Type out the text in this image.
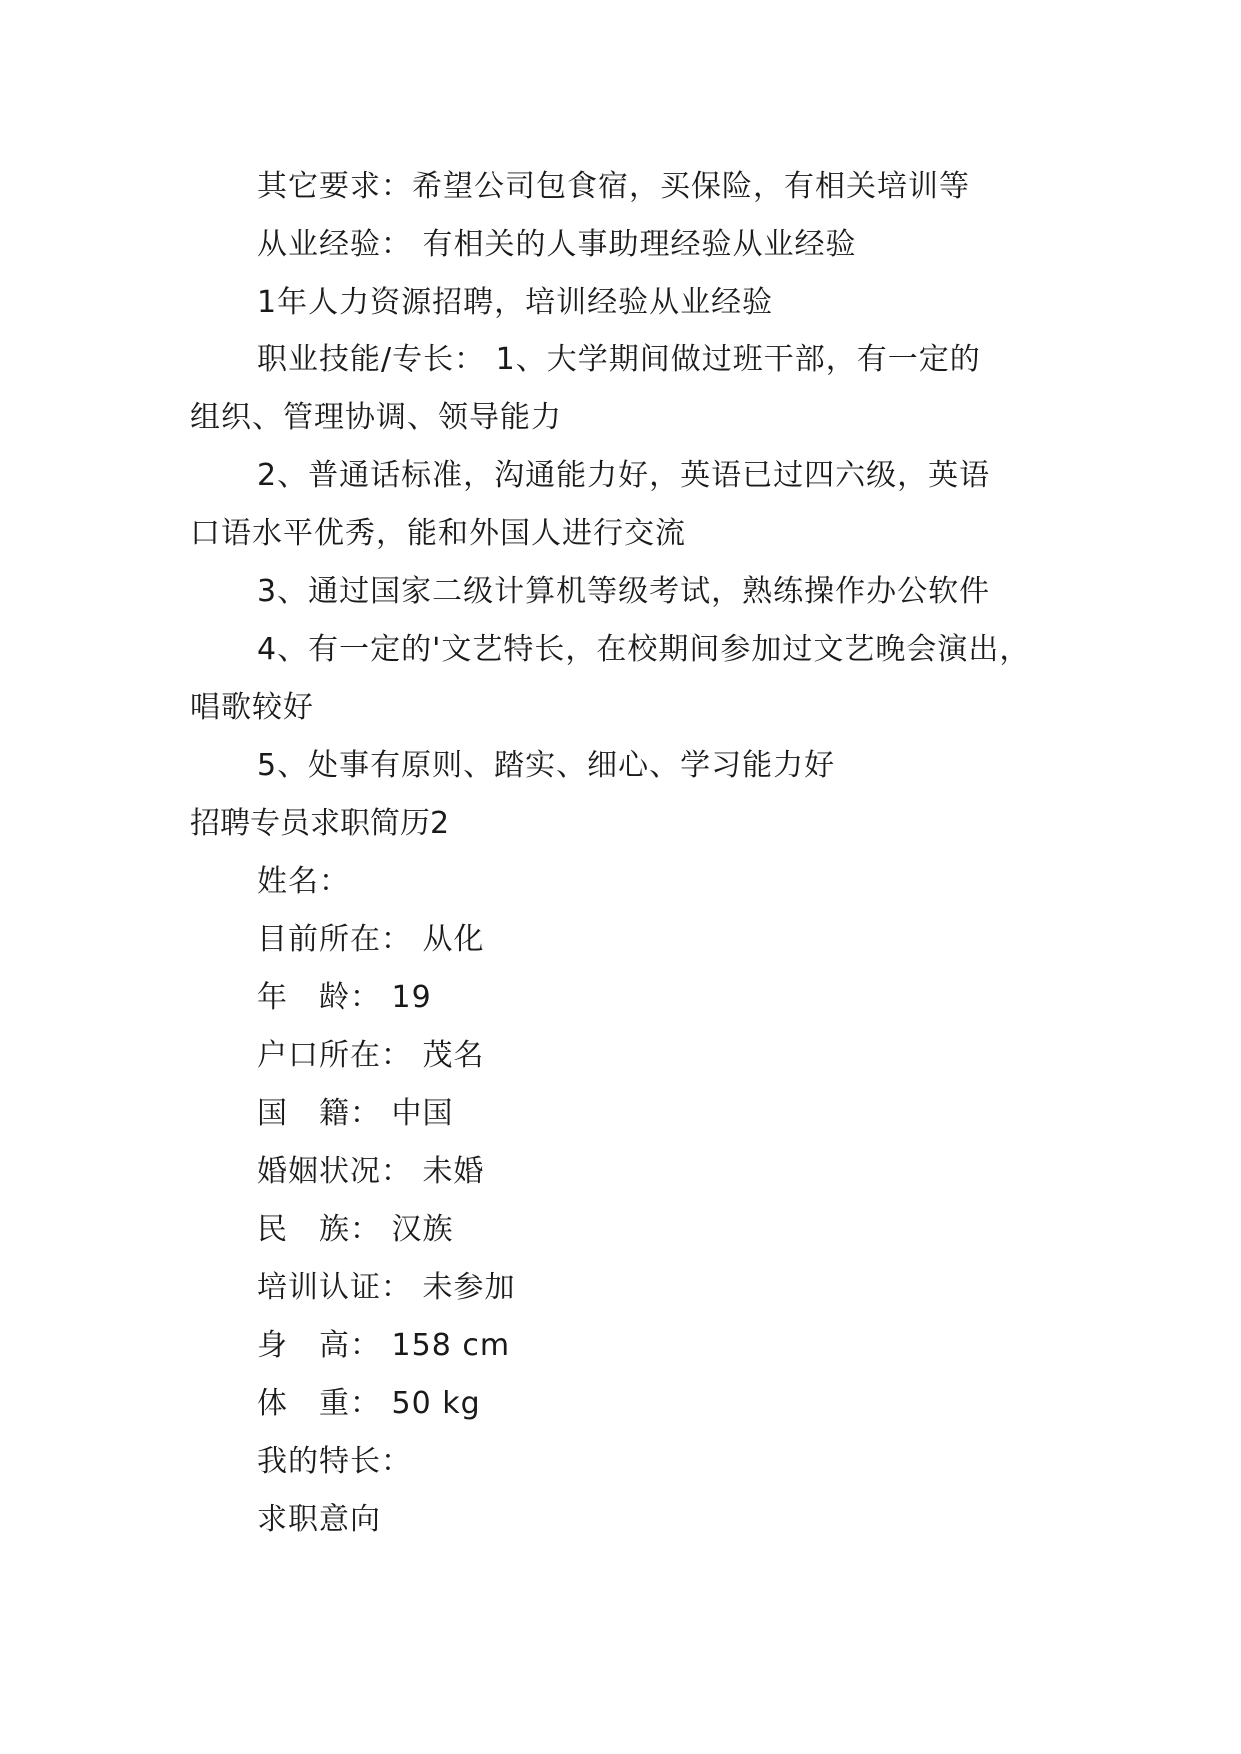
其它要求：希望公司包食宿，买保险，有相关培训等
从业经验： 有相关的人事助理经验从业经验
1年人力资源招聘，培训经验从业经验
职业技能/专长： 1、大学期间做过班干部，有一定的
组织、管理协调、领导能力
2、普通话标准，沟通能力好，英语已过四六级，英语
口语水平优秀，能和外国人进行交流
3、通过国家二级计算机等级考试，熟练操作办公软件
4、有一定的'文艺特长，在校期间参加过文艺晚会演出，
唱歌较好
5、处事有原则、踏实、细心、学习能力好
招聘专员求职简历2
姓名：
目前所在： 从化
年　龄： 19
户口所在： 茂名
国　籍： 中国
婚姻状况： 未婚
民　族： 汉族
培训认证： 未参加
身　高： 158 cm
体　重： 50 kg
我的特长：
求职意向
